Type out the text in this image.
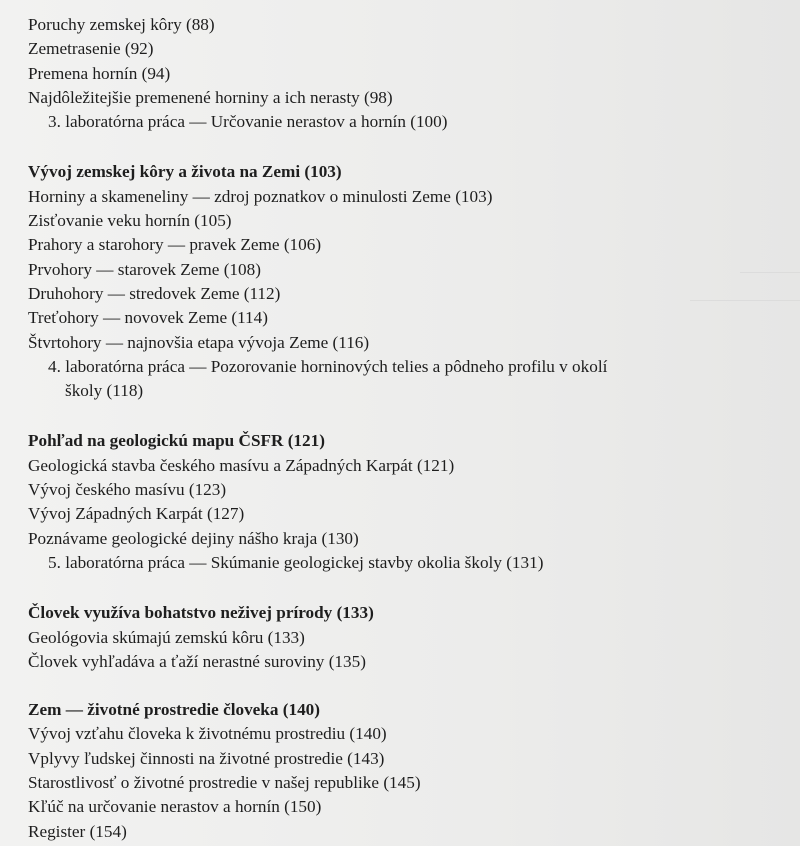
Poruchy zemskej kôry (88)
Zemetrasenie (92)
Premena hornín (94)
Najdôležitejšie premenené horniny a ich nerasty (98)
3. laboratórna práca — Určovanie nerastov a hornín (100)
Vývoj zemskej kôry a života na Zemi (103)
Horniny a skameneliny — zdroj poznatkov o minulosti Zeme (103)
Zisťovanie veku hornín (105)
Prahory a starohory — pravek Zeme (106)
Prvohory — starovek Zeme (108)
Druhohory — stredovek Zeme (112)
Treťohory — novovek Zeme (114)
Štvrtohory — najnovšia etapa vývoja Zeme (116)
4. laboratórna práca — Pozorovanie horninových telies a pôdneho profilu v okolí
školy (118)
Pohľad na geologickú mapu ČSFR (121)
Geologická stavba českého masívu a Západných Karpát (121)
Vývoj českého masívu (123)
Vývoj Západných Karpát (127)
Poznávame geologické dejiny nášho kraja (130)
5. laboratórna práca — Skúmanie geologickej stavby okolia školy (131)
Človek využíva bohatstvo neživej prírody (133)
Geológovia skúmajú zemskú kôru (133)
Človek vyhľadáva a ťaží nerastné suroviny (135)
Zem — životné prostredie človeka (140)
Vývoj vzťahu človeka k životnému prostrediu (140)
Vplyvy ľudskej činnosti na životné prostredie (143)
Starostlivosť o životné prostredie v našej republike (145)
Kľúč na určovanie nerastov a hornín (150)
Register (154)
